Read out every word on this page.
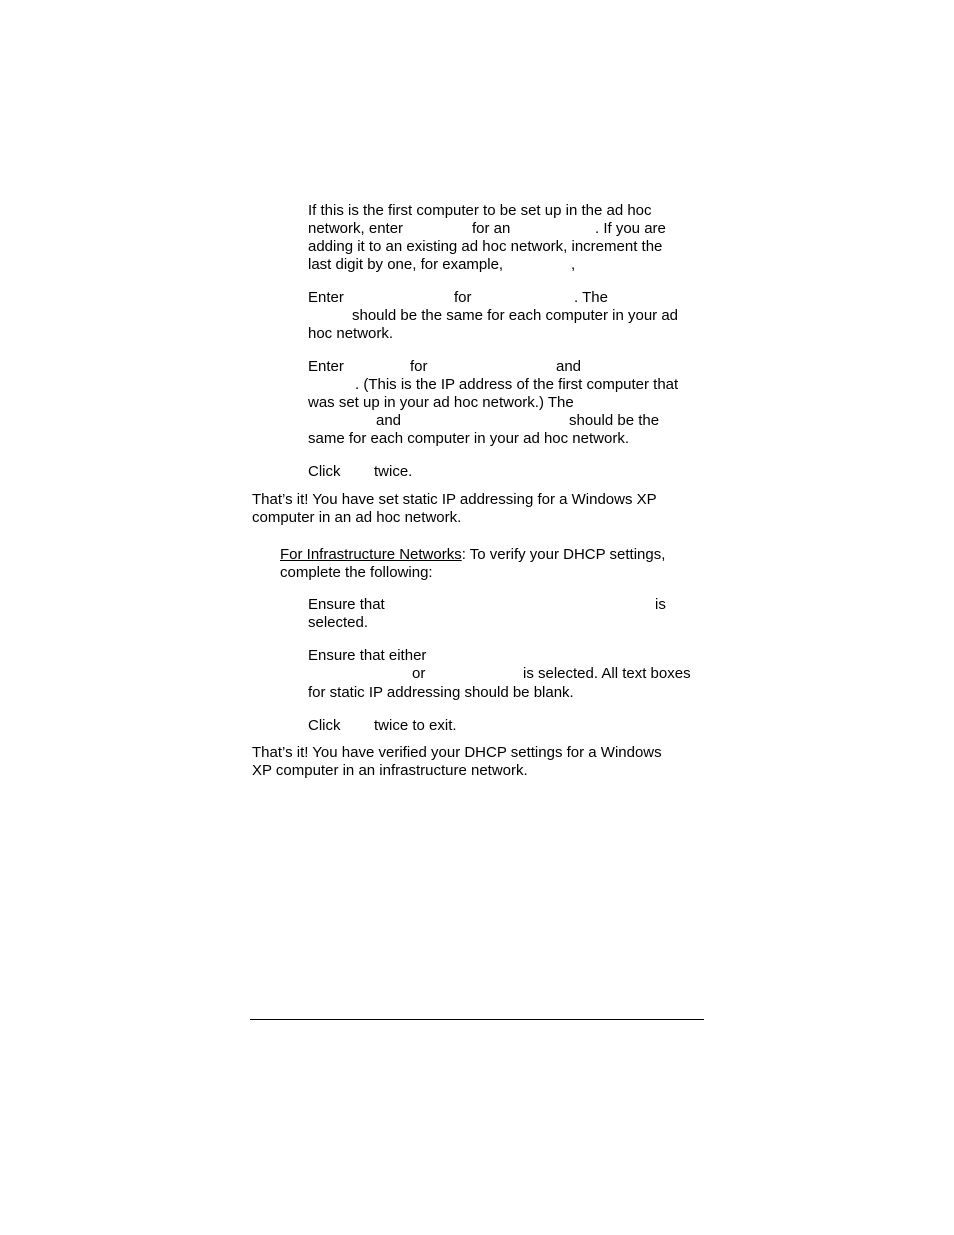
If this is the first computer to be set up in the ad hoc
network, enter	for an	. If you are
adding it to an existing ad hoc network, increment the
last digit by one, for example,	,
Enter	for	. The
should be the same for each computer in your ad
hoc network.
Enter	for	and
. (This is the IP address of the first computer that
was set up in your ad hoc network.) The
and	should be the
same for each computer in your ad hoc network.
Click twice.
That’s it! You have set static IP addressing for a Windows XP
computer in an ad hoc network.
For Infrastructure Networks: To verify your DHCP settings,
complete the following:
Ensure that	is
selected.
Ensure that either
or	is selected. All text boxes
for static IP addressing should be blank.
Click twice to exit.
That’s it! You have verified your DHCP settings for a Windows
XP computer in an infrastructure network.
